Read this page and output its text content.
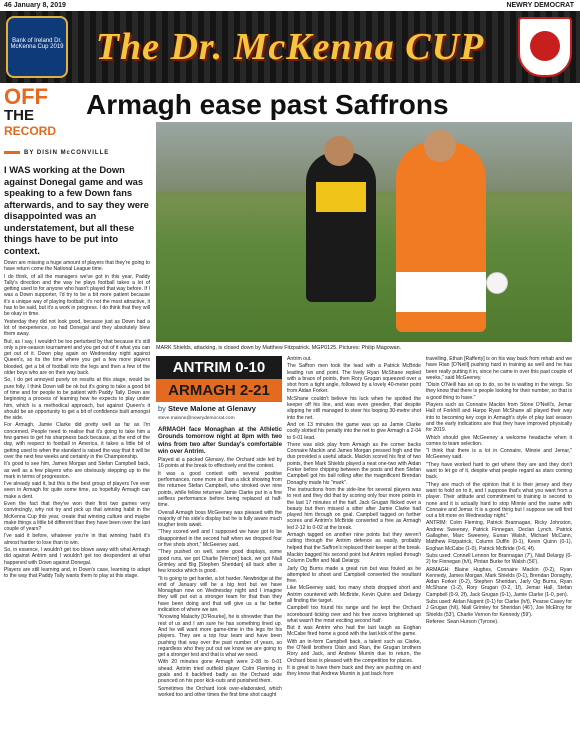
46 January 8, 2019	NEWRY DEMOCRAT
Bank of Ireland Dr. McKenna Cup 2019 The Dr. McKenna CUP
OFF
THE
RECORD
Armagh ease past Saffrons
BY DISIN McCONVILLE
I WAS working at the Down against Donegal game and was speaking to a few Down fans afterwards, and to say they were disappointed was an understatement, but all these things have to be put into context.

Down are missing a huge amount of players that they're going to have return come the National League time.

I do think, of all the managers we've got in this year, Paddy Tally's direction and the way he plays football takes a lot of getting used to for anyone who hasn't played that way before. If I was a Down supporter, I'd try to be a bit more patient because it's a unique way of playing football; it's not the most attractive, it has to be said, but it's a work in progress. I do think that they will be okay in time.

Yesterday they did not look good, because just as Down had a lot of inexperience, so had Donegal and they absolutely blew them away.

But, as I say, I wouldn't be too perturbed by that because it's still only a pre-season tournament and you get out of it what you can get out of it. Down play again on Wednesday night against Queen's, so its the time where you get a few more players blooded, get a bit of football into the legs and then a few of the older boys who are on their way back.

So, I do get annoyed purely on results at this stage, would be pure folly. I think Down will be ok but it's going to take a good bit of time and for people to be patient with Paddy Tally. Down are beginning a process of learning how he expects to play under him, which is a methodical approach, but against Queen's it should be an opportunity to get a bit of confidence built amongst the side.

For Armagh, Jamie Clarke did pretty well as far as I'm concerned. People need to realise that it's going to take him a few games to get his sharpness back because, at the end of the day, with respect to football in America, it takes a little bit of getting used to when the standard is raised the way that it will be over the next few weeks and certainly in the Championship.

It's good to see him, James Morgan and Stefan Campbell back, as well as a few players who are obviously stepping up to the mark in terms of progression.

I've already said it, but this is the best group of players I've ever seen in Armagh for quite some time, so hopefully Armagh can make a dent.

Even the fact that they've won their first two games very convincingly, why not try and pick up that winning habit in the McKenna Cup this year, create that winning culture and maybe make things a little bit different than they have been over the last couple of years?

I've said it before, whatever you're in that winning habit it's almost harder to lose than to win.

So, in essence, I wouldn't get too blown away with what Armagh did against Antrim and I wouldn't get too despondent at what happened with Down against Donegal.

Players are still learning and, in Down's case, learning to adapt to the way that Paddy Tally wants them to play at this stage.

MARK Shields, attacking, is closed down by Matthew Fitzpatrick. MGP0125. Pictures: Philip Magowan.
ANTRIM 0-10
ARMAGH 2-21
by Steve Malone at Glenavy
steve.malone@newrydemocrat.com

ARMAGH face Monaghan at the Athletic Grounds tomorrow night at 8pm with two wins from two after Sunday's comfortable win over Antrim.

Played at a packed Glenavy, the Orchard side led by 16 points at the break to effectively end the contest.

It was a good contest with several positive performances, none more so than a slick showing from the returnee Stefan Campbell, who stroked over nine points, while fellow returnee Jamie Clarke put in a fine selfless performance before being replaced at half-time.

Overall Armagh boss McGeeney was pleased with the majority of his side's display but he is fully aware much tougher tests await.

"They scored well and I supposed we have got to be disappointed in the second half when we dropped four or five shots short," McGeeney said.

"They pushed on well, some good displays, some good runs, we got Charlie [Vernon] back, we got Niall Grimley and Big [Stephen Sheridan] all back after a few knocks which is good.

"It is going to get harder, a lot harder. Newbridge at the end of January will be a big test but we have Monaghan now on Wednesday night and I imagine they will put out a stronger team for that than they have been doing and that will give us a far better indication of where we are.

"Knowing Malachy [O'Rourke], he is shrewder than the rest of us and I am sure he has something lined up. And he will want more game-time in the legs for his players. They are a top four team and have been pushing that way over the past number of years, so regardless who they put out we know we are going to get a stronger test and that is what we need.

With 20 minutes gone Armagh were 2-08 to 0-01 ahead. Antrim tried outfield player Colm Fleming in goals and it backfired badly as the Orchard side pounced on his poor kick-outs and punished them.

Sometimes the Orchard look over-elaborated, which worked too and other times the first time shot caught

Antrim out.

The Saffron men took the lead with a Patrick McBride leading run and point. The lively Ryan McShane replied with a brace of points, then Rory Grugan squeezed over a shot from a tight angle, followed by a lovely 40-meter point from Aidan Forker.

McShane couldn't believe his luck when he spotted the keeper off his line, and was even greedier, that despite slipping he still managed to steer his looping 30-metre shot into the net.

And on 13 minutes the game was up as Jamie Clarke coolly slotted his penalty into the net to give Armagh a 2-04 to 0-01 lead.

There was slick play from Armagh as the corner backs Connaire Mackin and James Morgan pressed high and the duo provided a useful attack. Mackin scored his first of two points, then Mark Shields played a neat one-two with Aidan Forker before chipping between the posts and then Stefan Campbell got his ball rolling after the magnificent Brendan Donaghy made his "mark".

The instructions from the side-line for several players was to rest and they did that by scoring only four more points in the last 17 minutes of the half. Jack Grugan flicked over a beauty but then missed a sitter after Jamie Clarke had played him through on goal. Campbell tagged on further scores and Antrim's McBride converted a free as Armagh led 2-12 to 0-02 at the break.

Armagh tagged on another nine points but they weren't cutting through the Antrim defence as easily, probably helped that the Saffron's replaced their keeper at the break.

Mackin bagged his second point but Antrim replied through Column Duffin and Niall Delargy.

Jarly Og Burns made a great run but was fouled as he attempted to shoot and Campbell converted the resultant free.

Like McGeeney said, too many shots dropped short and Antrim countered with McBride, Kevin Quinn and Delargy all finding the target.

Campbell too found his range and he kept the Orchard scoreboard ticking over and his free scores brightened up what wasn't the most exciting second half.

But it was Antrim who had the last laugh as Eoghan McCabe fired home a good with the last kick of the game.

With an in-form Campbell back, a talent such as Clarke, the O'Neill brothers Oisin and Rian, the Grugan brothers Rory and Jack, and Andrew Murnin due to return, the Orchard boss is pleased with the competition for places.

It is great to have them back and they are pushing on and they know that Andrew Murnin is just back from

travelling, Ethan [Rafferty] is on his way back from rehab and we have Rian [O'Neill] pushing hard in training as well and he has been really putting it in, since he came in over this past couple of weeks," said McGeeney.

"Oisin O'Neill has an op to do, so he is waiting in the wings. So they know that there is people looking for their number, so that is a good thing to have."

Players such as Connaire Mackin from Stone O'Neill's, Jemar Hall of Forkhill and Harpo Ryan McShane all played their way into to becoming key cogs in Armagh's style of play last season and the early indications are that they have improved physically for 2019.

Which should give McGeeney a welcome headache when it comes to team selection.

"I think that there is a lot in Connaire, Minnie and Jemar," McGeeney said.

"They have worked hard to get where they are and they don't want to let go of it, despite what people regard as stars coming back.

"They are much of the opinion that it is their jersey and they want to hold on to it, and I suppose that's what you want from a player. Their attitude and commitment to training is second to none and it is actually hard to stop Minnie and the same with Connaire and Jemar. It is a good thing but I suppose we will find out a bit more on Wednesday night."

ANTRIM: Colm Fleming, Patrick Brannagan, Ricky Johnston, Andrew Sweeney, Patrick Finnegan, Declan Lynch, Patrick Gallagher, Marc Sweeney, Eunan Walsh, Michael McCann, Matthew Fitzpatrick, Column Duffin (0-1), Kevin Quinn (0-1), Eoghan McCabe (1-0), Patrick McBride (0-6, 4f).

Subs used: Connell Lennon for Brannagan (7'), Niall Delargy (0-2) for Finnegan (h/t), Pintan Burke for Walsh (56').

ARMAGH: Blaine Hughes, Connaire Mackin (0-2), Ryan Kennedy, James Morgan, Mark Shields (0-1), Brendan Donaghy, Aidan Forker (0-2), Stephen Sheridan, Jarly Og Burns, Ryan McShane (1-2), Rory Grugan (0-2, 1f), Jemar Hall, Stefan Campbell (0-9, 2f), Jack Grugan (0-1), Jamie Clarke (1-0, pen).

Subs used: Aidan Nugent (0-1) for Clarke (h/t), Pearse Casey for J Grugan (h/t), Niall Grimley for Sheridan (46'), Joe McElroy for Shields (53'), Charlie Vernon for Kennedy (59').

Referee: Sean Hurson (Tyrone).
